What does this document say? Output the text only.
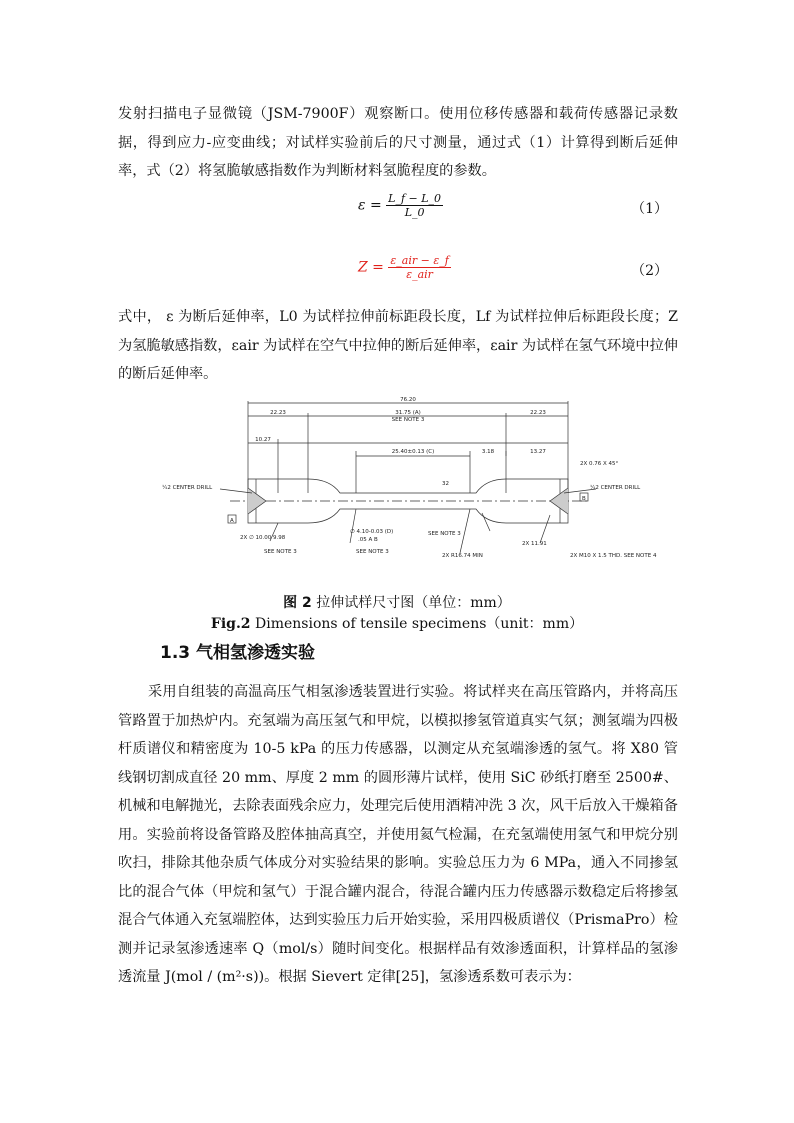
发射扫描电子显微镜（JSM-7900F）观察断口。使用位移传感器和载荷传感器记录数据，得到应力-应变曲线；对试样实验前后的尺寸测量，通过式（1）计算得到断后延伸率，式（2）将氢脆敏感指数作为判断材料氢脆程度的参数。

$\varepsilon = \frac{L\_f - L\_0}{L\_0}$	（1）
$Z = \frac{\text{ε\_air − ε\_f}}{\text{ε\_air}}$	（2）

式中， ε 为断后延伸率，L0 为试样拉伸前标距段长度，Lf 为试样拉伸后标距段长度；Z 为氢脆敏感指数，εair 为试样在空气中拉伸的断后延伸率，εair 为试样在氢气环境中拉伸的断后延伸率。

76.20
22.23	31.75 (A)
SEE NOTE 3
22.23
10.27
25.40±0.13 (C)	3.18	13.27
2X 0.76 X 45°
¼2 CENTER DRILL	¼2 CENTER DRILL
32
2X ∅ 10.00 9.98
SEE NOTE 3
∅ 4.10-0.03 (D)
.05 A B
SEE NOTE 3
SEE NOTE 3
2X R16.74 MIN
2X 11.91
2X M10 X 1.5 THD. SEE NOTE 4
A
B
图 2 拉伸试样尺寸图（单位：mm）
Fig.2 Dimensions of tensile specimens（unit：mm）
1.3 气相氢渗透实验

采用自组装的高温高压气相氢渗透装置进行实验。将试样夹在高压管路内，并将高压管路置于加热炉内。充氢端为高压氢气和甲烷，以模拟掺氢管道真实气氛；测氢端为四极杆质谱仪和精密度为 10-5 kPa 的压力传感器，以测定从充氢端渗透的氢气。将 X80 管线钢切割成直径 20 mm、厚度 2 mm 的圆形薄片试样，使用 SiC 砂纸打磨至 2500#、机械和电解抛光，去除表面残余应力，处理完后使用酒精冲洗 3 次，风干后放入干燥箱备用。实验前将设备管路及腔体抽高真空，并使用氦气检漏，在充氢端使用氢气和甲烷分别吹扫，排除其他杂质气体成分对实验结果的影响。实验总压力为 6 MPa，通入不同掺氢比的混合气体（甲烷和氢气）于混合罐内混合，待混合罐内压力传感器示数稳定后将掺氢混合气体通入充氢端腔体，达到实验压力后开始实验，采用四极质谱仪（PrismaPro）检测并记录氢渗透速率 Q（mol/s）随时间变化。根据样品有效渗透面积，计算样品的氢渗透流量 J(mol / (m²·s))。根据 Sievert 定律[25]，氢渗透系数可表示为：
